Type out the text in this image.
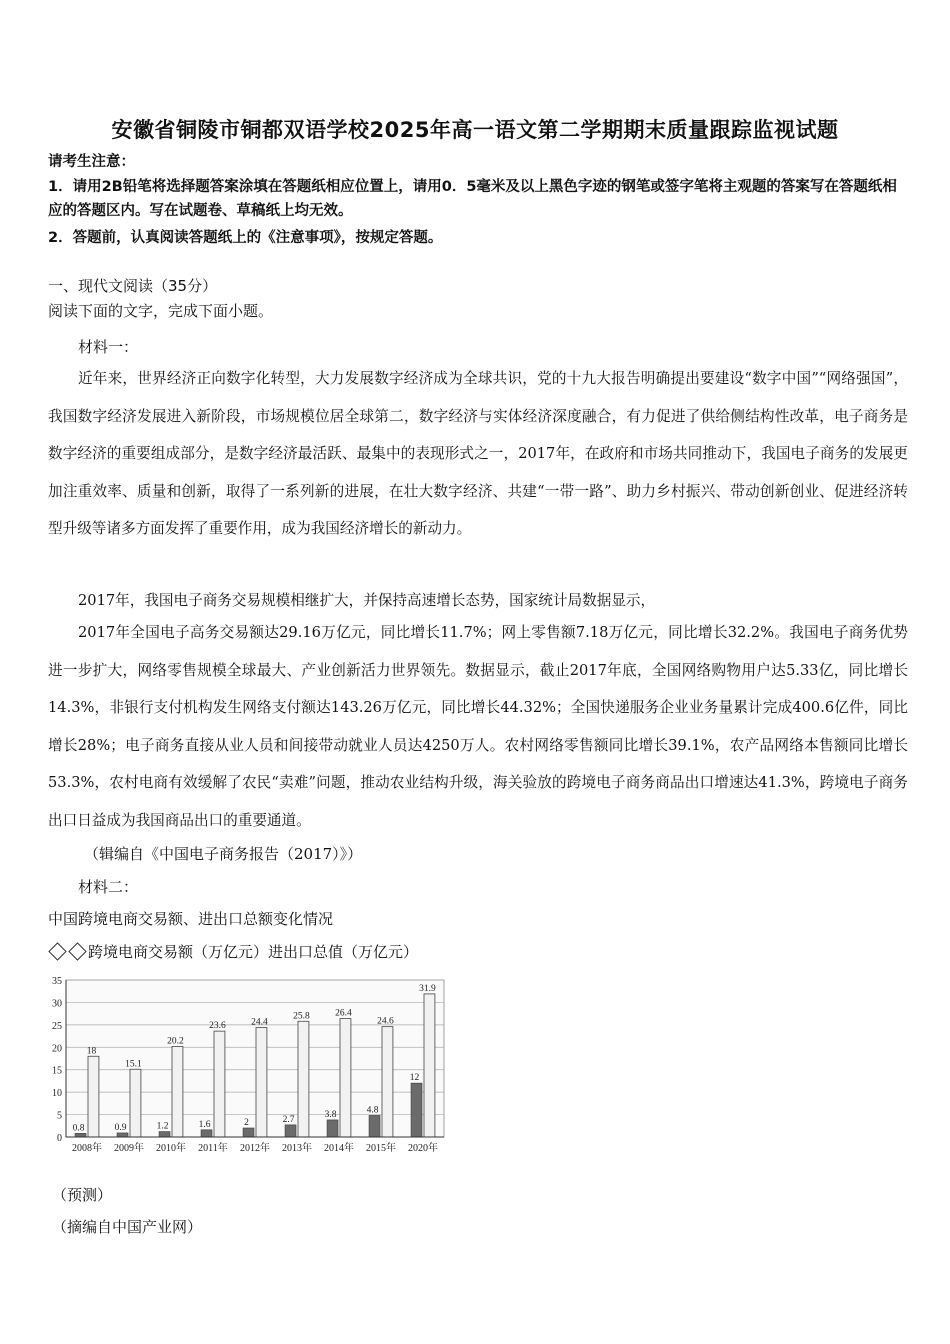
安徽省铜陵市铜都双语学校2025年高一语文第二学期期末质量跟踪监视试题
请考生注意：
1．请用2B铅笔将选择题答案涂填在答题纸相应位置上，请用0．5毫米及以上黑色字迹的钢笔或签字笔将主观题的答案写在答题纸相应的答题区内。写在试题卷、草稿纸上均无效。
2．答题前，认真阅读答题纸上的《注意事项》，按规定答题。
一、现代文阅读（35分）
阅读下面的文字，完成下面小题。
材料一：

近年来，世界经济正向数字化转型，大力发展数字经济成为全球共识，党的十九大报告明确提出要建设“数字中国”“网络强国”，我国数字经济发展进入新阶段，市场规模位居全球第二，数字经济与实体经济深度融合，有力促进了供给侧结构性改革，电子商务是数字经济的重要组成部分，是数字经济最活跃、最集中的表现形式之一，2017年，在政府和市场共同推动下，我国电子商务的发展更加注重效率、质量和创新，取得了一系列新的进展，在壮大数字经济、共建“一带一路”、助力乡村振兴、带动创新创业、促进经济转型升级等诸多方面发挥了重要作用，成为我国经济增长的新动力。

2017年，我国电子商务交易规模相继扩大，并保持高速增长态势，国家统计局数据显示，

2017年全国电子高务交易额达29.16万亿元，同比增长11.7%；网上零售额7.18万亿元，同比增长32.2%。我国电子商务优势进一步扩大，网络零售规模全球最大、产业创新活力世界领先。数据显示，截止2017年底，全国网络购物用户达5.33亿，同比增长14.3%，非银行支付机构发生网络支付额达143.26万亿元，同比增长44.32%；全国快递服务企业业务量累计完成400.6亿件，同比增长28%；电子商务直接从业人员和间接带动就业人员达4250万人。农村网络零售额同比增长39.1%，农产品网络本售额同比增长53.3%，农村电商有效缓解了农民“卖难”问题，推动农业结构升级，海关验放的跨境电子商务商品出口增速达41.3%，跨境电子商务出口日益成为我国商品出口的重要通道。

（辑编自《中国电子商务报告（2017）》）
材料二：
中国跨境电商交易额、进出口总额变化情况
跨境电商交易额（万亿元）进出口总值（万亿元）
0
5
10
15
20
25
30
35
0.8
18
2008年
0.9
15.1
2009年
1.2
20.2
2010年
1.6
23.6
2011年
2
24.4
2012年
2.7
25.8
2013年
3.8
26.4
2014年
4.8
24.6
2015年
12
31.9
2020年
（预测）
（摘编自中国产业网）
